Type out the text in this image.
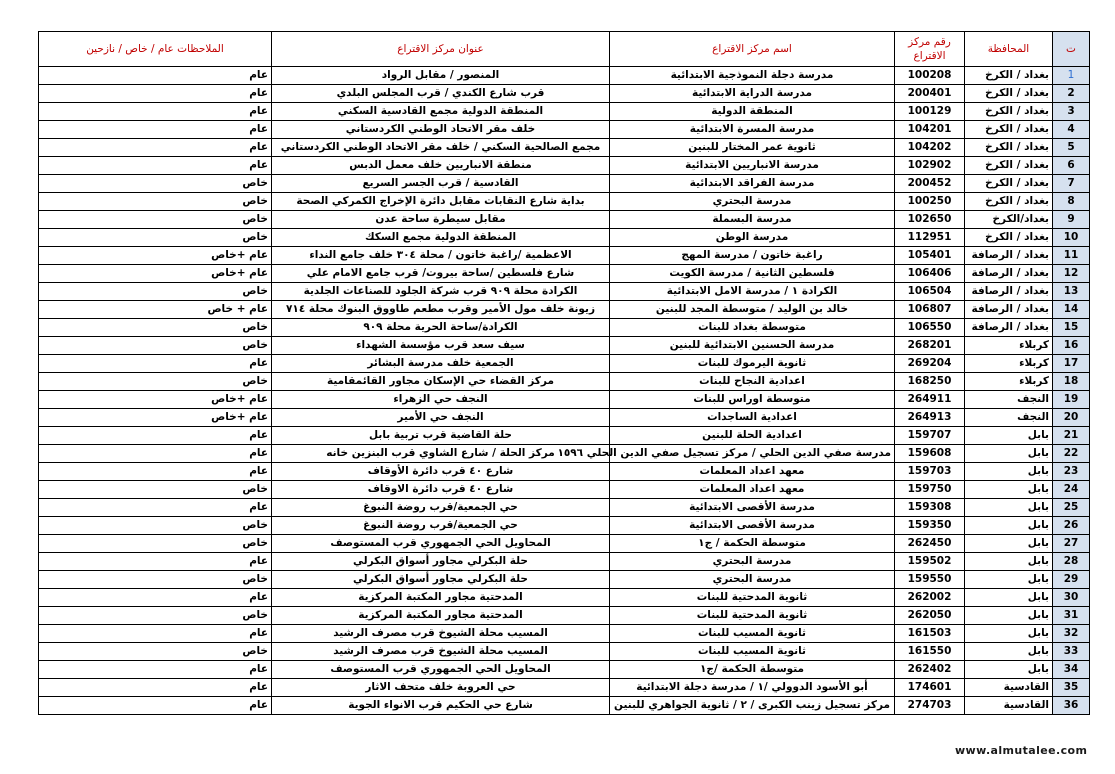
ت	المحافظة	رقم مركز الاقتراع	اسم مركز الاقتراع	عنوان مركز الاقتراع	الملاحظات عام / خاص / نازحين
1	بغداد / الكرخ	100208	مدرسة دجلة النموذجية الابتدائية	المنصور / مقابل الرواد	عام
2	بغداد / الكرخ	200401	مدرسة الدراية الابتدائية	قرب شارع الكندي / قرب المجلس البلدي	عام
3	بغداد / الكرخ	100129	المنطقة الدولية	المنطقة الدولية مجمع القادسية السكني	عام
4	بغداد / الكرخ	104201	مدرسة المسرة الابتدائية	خلف مقر الاتحاد الوطني الكردستاني	عام
5	بغداد / الكرخ	104202	ثانوية عمر المختار للبنين	مجمع الصالحية السكني / خلف مقر الاتحاد الوطني الكردستاني	عام
6	بغداد / الكرخ	102902	مدرسة الانباريين الابتدائية	منطقة الانباريين خلف معمل الدبس	عام
7	بغداد / الكرخ	200452	مدرسة الفراقد الابتدائية	القادسية / قرب الجسر السريع	خاص
8	بغداد / الكرخ	100250	مدرسة البحتري	بداية شارع النقابات مقابل دائرة الإخراج الكمركي الصحة	خاص
9	بغداد/الكرخ	102650	مدرسة البسملة	مقابل سيطرة ساحة عدن	خاص
10	بغداد / الكرخ	112951	مدرسة الوطن	المنطقة الدولية مجمع السكك	خاص
11	بغداد / الرصافة	105401	راغبة خاتون / مدرسة المهج	الاعظمية /راغبة خاتون / محلة ٣٠٤ خلف جامع النداء	عام +خاص
12	بغداد / الرصافة	106406	فلسطين الثانية / مدرسة الكويت	شارع فلسطين /ساحة بيروت/ قرب جامع الامام علي	عام +خاص
13	بغداد / الرصافة	106504	الكرادة ١ / مدرسة الامل الابتدائية	الكرادة محلة ٩٠٩ قرب شركة الجلود للصناعات الجلدية	خاص
14	بغداد / الرصافة	106807	خالد بن الوليد / متوسطة المجد للبنين	زيونة خلف مول الأمير وقرب مطعم طاووق البنوك محلة ٧١٤	عام + خاص
15	بغداد / الرصافة	106550	متوسطة بغداد للبنات	الكرادة/ساحة الحرية محلة ٩٠٩	خاص
16	كربلاء	268201	مدرسة الحسنين الابتدائية للبنين	سيف سعد قرب مؤسسة الشهداء	خاص
17	كربلاء	269204	ثانوية اليرموك للبنات	الجمعية خلف مدرسة البشائر	عام
18	كربلاء	168250	اعدادية النجاح للبنات	مركز القضاء حي الإسكان مجاور القائمقامية	خاص
19	النجف	264911	متوسطة اوراس للبنات	النجف حي الزهراء	عام +خاص
20	النجف	264913	اعدادية الساجدات	النجف حي الأمير	عام +خاص
21	بابل	159707	اعدادية الحلة للبنين	حلة القاضية قرب تربية بابل	عام
22	بابل	159608	مدرسة صفي الدين الحلي / مركز تسجيل صفي الدين الحلي ١٥٩٦	مركز الحلة / شارع الشاوي قرب البنزين خانه	عام
23	بابل	159703	معهد اعداد المعلمات	شارع ٤٠ قرب دائرة الأوقاف	عام
24	بابل	159750	معهد اعداد المعلمات	شارع ٤٠ قرب دائرة الاوقاف	خاص
25	بابل	159308	مدرسة الأقصى الابتدائية	حي الجمعية/قرب روضة النبوغ	عام
26	بابل	159350	مدرسة الأقصى الابتدائية	حي الجمعية/قرب روضة النبوغ	خاص
27	بابل	262450	متوسطة الحكمة / ج١	المحاويل الحي الجمهوري قرب المستوصف	خاص
28	بابل	159502	مدرسة البحتري	حلة البكرلي مجاور أسواق البكرلي	عام
29	بابل	159550	مدرسة البحتري	حلة البكرلي مجاور أسواق البكرلي	خاص
30	بابل	262002	ثانوية المدحتية للبنات	المدحتية مجاور المكتبة المركزية	عام
31	بابل	262050	ثانوية المدحتية للبنات	المدحتية مجاور المكتبة المركزية	خاص
32	بابل	161503	ثانوية المسيب للبنات	المسيب محلة الشيوخ قرب مصرف الرشيد	عام
33	بابل	161550	ثانوية المسيب للبنات	المسيب محلة الشيوخ قرب مصرف الرشيد	خاص
34	بابل	262402	متوسطة الحكمة /ج١	المحاويل الحي الجمهوري قرب المستوصف	عام
35	القادسية	174601	أبو الأسود الدوولي /١ / مدرسة دجلة الابتدائية	حي العروبة خلف متحف الاثار	عام
36	القادسية	274703	مركز تسجيل زينب الكبرى / ٢ / ثانوية الجواهري للبنين	شارع حي الحكيم قرب الانواء الجوية	عام
www.almutalee.com
